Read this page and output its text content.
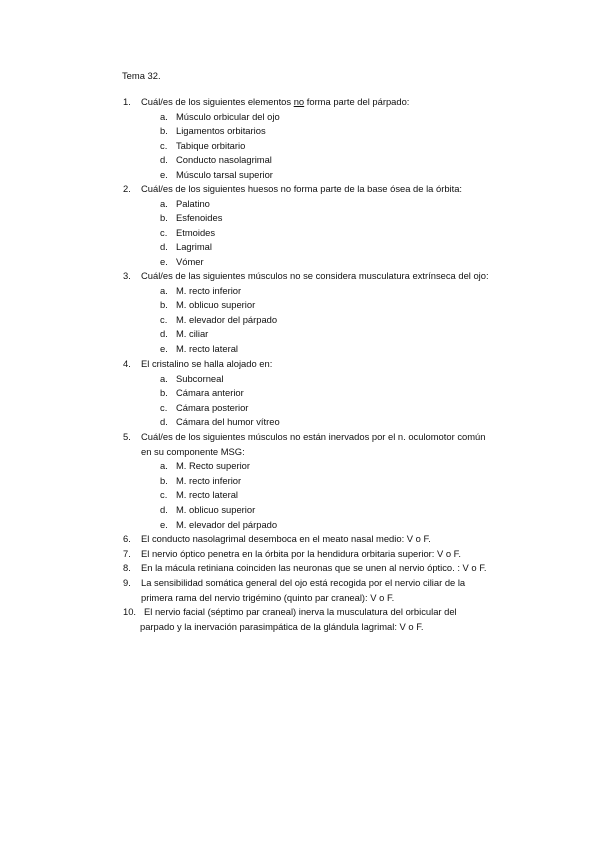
Tema 32.
1. Cuál/es de los siguientes elementos no forma parte del párpado:
a. Músculo orbicular del ojo
b. Ligamentos orbitarios
c. Tabique orbitario
d. Conducto nasolagrimal
e. Músculo tarsal superior
2. Cuál/es de los siguientes huesos no forma parte de la base ósea de la órbita:
a. Palatino
b. Esfenoides
c. Etmoides
d. Lagrimal
e. Vómer
3. Cuál/es de las siguientes músculos no se considera musculatura extrínseca del ojo:
a. M. recto inferior
b. M. oblicuo superior
c. M. elevador del párpado
d. M. ciliar
e. M. recto lateral
4. El cristalino se halla alojado en:
a. Subcorneal
b. Cámara anterior
c. Cámara posterior
d. Cámara del humor vítreo
5. Cuál/es de los siguientes músculos no están inervados por el n. oculomotor común
en su componente MSG:
a. M. Recto superior
b. M. recto inferior
c. M. recto lateral
d. M. oblicuo superior
e. M. elevador del párpado
6. El conducto nasolagrimal desemboca en el meato nasal medio: V o F.
7. El nervio óptico penetra en la órbita por la hendidura orbitaria superior: V o F.
8. En la mácula retiniana coinciden las neuronas que se unen al nervio óptico. : V o F.
9. La sensibilidad somática general del ojo está recogida por el nervio ciliar de la
primera rama del nervio trigémino (quinto par craneal): V o F.
10. El nervio facial (séptimo par craneal) inerva la musculatura del orbicular del
parpado y la inervación parasimpática de la glándula lagrimal: V o F.
